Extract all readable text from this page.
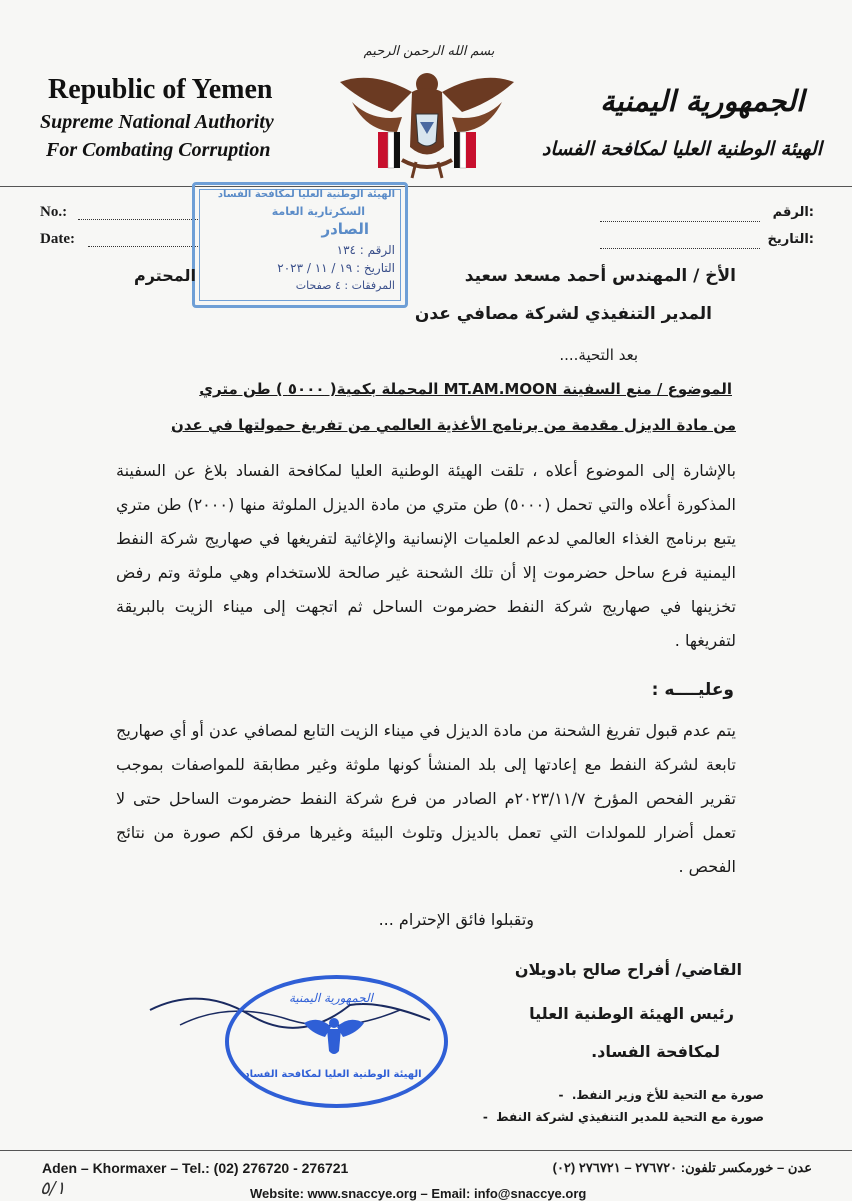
بسم الله الرحمن الرحيم
Republic of Yemen
Supreme National Authority
For Combating Corruption
الجمهورية اليمنية
الهيئة الوطنية العليا لمكافحة الفساد
No.:
Date:
:الرقم
:التاريخ
الهيئة الوطنية العليا لمكافحة الفساد
السكرتارية العامة
الصادر
الرقم : ١٣٤
التاريخ : ١٩ / ١١ / ٢٠٢٣
المرفقات : ٤ صفحات	الأخ / المهندس أحمد مسعد سعيد
المحترم
المدير التنفيذي لشركة مصافي عدن
بعد التحية....
الموضوع / منع السفينة MT.AM.MOON المحملة بكمية( ٥٠٠٠ ) طن متري
من مادة الديزل مقدمة من برنامج الأغذية العالمي من تفريغ حمولتها في عدن
بالإشارة إلى الموضوع أعلاه ، تلقت الهيئة الوطنية العليا لمكافحة الفساد بلاغ عن السفينة المذكورة أعلاه والتي تحمل (٥٠٠٠) طن متري من مادة الديزل الملوثة منها (٢٠٠٠) طن متري يتبع برنامج الغذاء العالمي لدعم العلميات الإنسانية والإغاثية لتفريغها في صهاريج شركة النفط اليمنية فرع ساحل حضرموت إلا أن تلك الشحنة غير صالحة للاستخدام وهي ملوثة وتم رفض تخزينها في صهاريج شركة النفط حضرموت الساحل ثم اتجهت إلى ميناء الزيت بالبريقة لتفريغها .
وعليــــه :
يتم عدم قبول تفريغ الشحنة من مادة الديزل في ميناء الزيت التابع لمصافي عدن أو أي صهاريج تابعة لشركة النفط مع إعادتها إلى بلد المنشأ كونها ملوثة وغير مطابقة للمواصفات بموجب تقرير الفحص المؤرخ ٢٠٢٣/١١/٧م الصادر من فرع شركة النفط حضرموت الساحل حتى لا تعمل أضرار للمولدات التي تعمل بالديزل وتلوث البيئة وغيرها مرفق لكم صورة من نتائج الفحص .
وتقبلوا فائق الإحترام ...
القاضي/ أفراح صالح بادويلان
رئيس الهيئة الوطنية العليا
لمكافحة الفساد.
الجمهورية اليمنية
الهيئة الوطنية العليا لمكافحة الفساد
صورة مع التحية للأخ وزير النفط.  -
صورة مع التحية للمدير التنفيذي لشركة النفط  -
Aden – Khormaxer – Tel.: (02) 276720 - 276721	عدن – خورمكسر تلفون: ٢٧٦٧٢٠ – ٢٧٦٧٢١ (٠٢)
Website: www.snaccye.org – Email: info@snaccye.org
٥/١
